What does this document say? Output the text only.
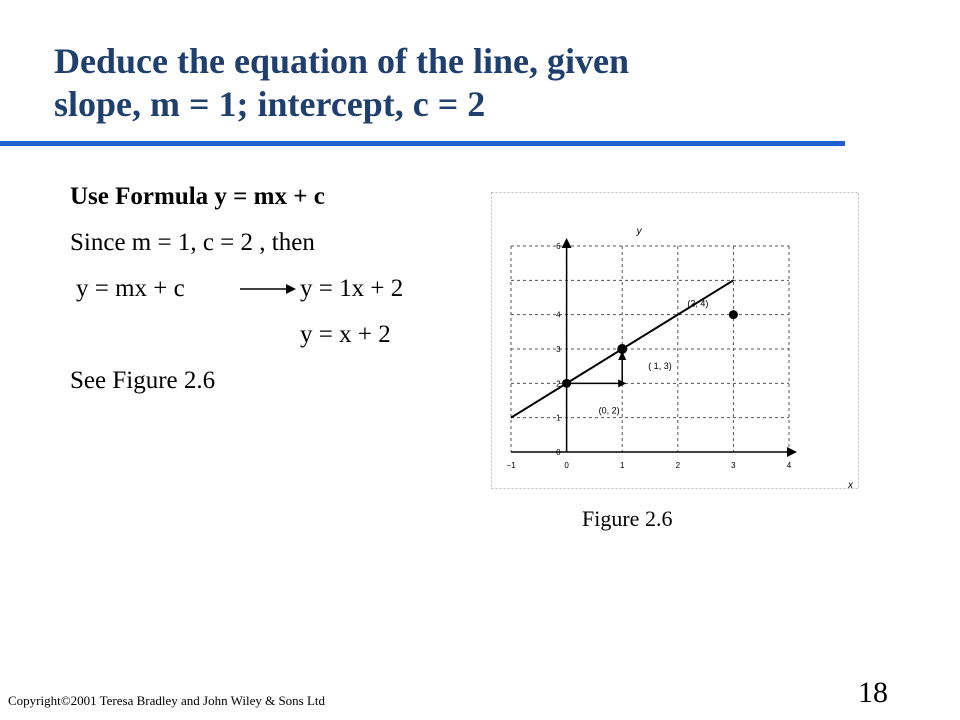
Deduce the equation of the line, given
slope, m = 1; intercept, c = 2
Use Formula y = mx + c
Since m = 1, c = 2 , then
y = mx + c	y = 1x + 2
y = x + 2
See Figure 2.6
x
y
−1	0	1	2	3	4
0
1
2
3
4
6
(0, 2)
( 1, 3)
(2, 4)
Figure 2.6
Copyright©2001 Teresa Bradley and John Wiley & Sons Ltd	18
